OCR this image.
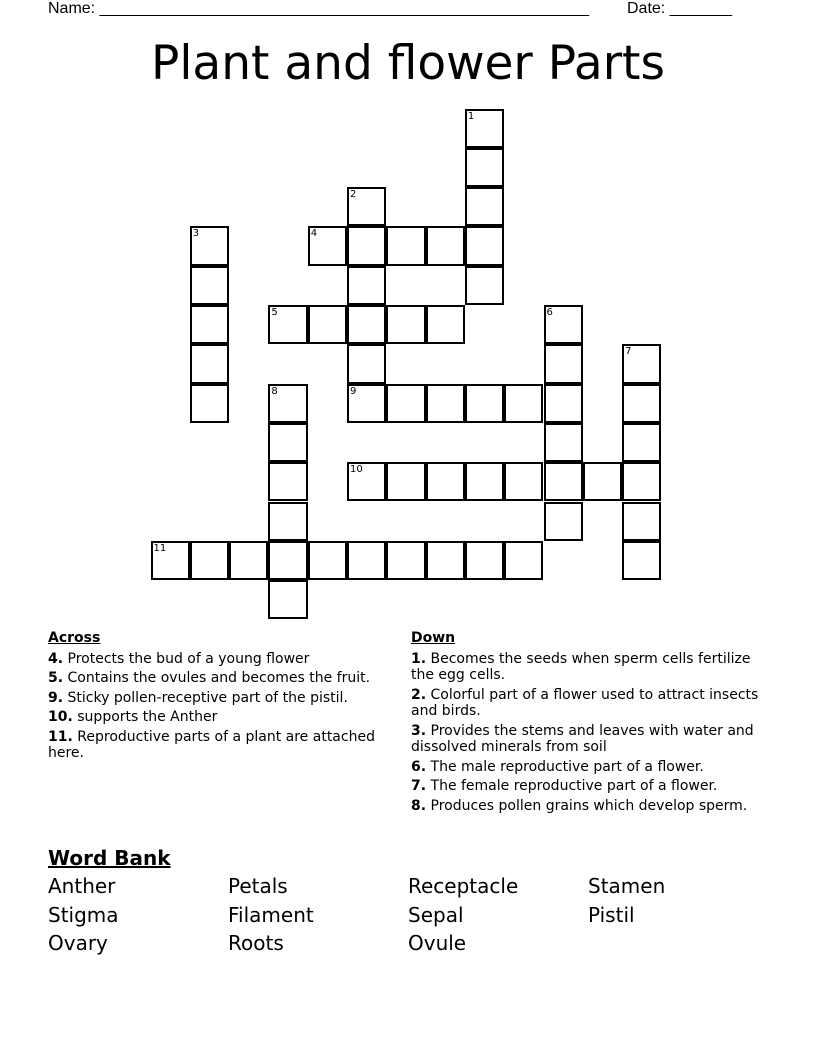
Name: _______________________________________________________ Date: _______
Plant and flower Parts
1
2
9
3	4
5	6
7
8
10
11
Across
4. Protects the bud of a young flower
5. Contains the ovules and becomes the fruit.
9. Sticky pollen-receptive part of the pistil.
10. supports the Anther
11. Reproductive parts of a plant are attached here.
Down
1. Becomes the seeds when sperm cells fertilize the egg cells.
2. Colorful part of a flower used to attract insects and birds.
3. Provides the stems and leaves with water and dissolved minerals from soil
6. The male reproductive part of a flower.
7. The female reproductive part of a flower.
8. Produces pollen grains which develop sperm.
Word Bank
Anther	Petals	Receptacle	Stamen
Stigma	Filament	Sepal	Pistil
Ovary	Roots	Ovule
